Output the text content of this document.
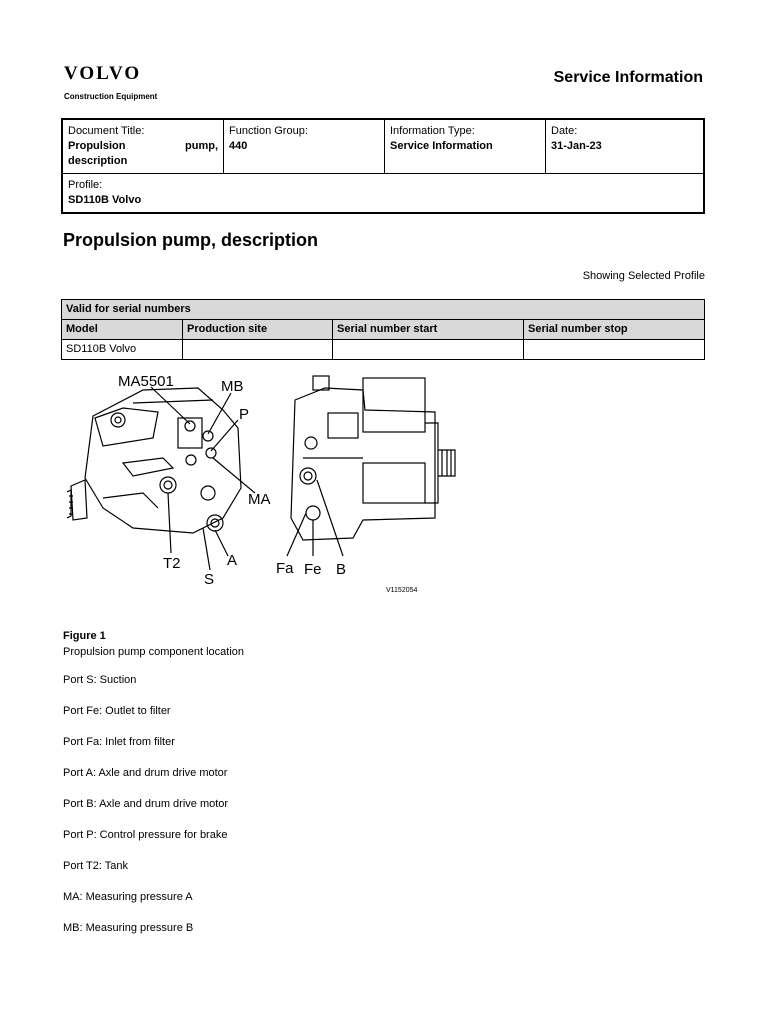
VOLVO
Construction Equipment
Service Information
Document Title:
Propulsion	pump,
description

Function Group:
440

Information Type:
Service Information

Date:
31-Jan-23

Profile:
SD110B Volvo
Propulsion pump, description
Showing Selected Profile
Valid for serial numbers			
Model	Production site	Serial number start	Serial number stop
SD110B Volvo			
MA5501	MB
P
MA
T2	A
S
Fa Fe B
V1152054
Figure 1
Propulsion pump component location
Port S: Suction
Port Fe: Outlet to filter
Port Fa: Inlet from filter
Port A: Axle and drum drive motor
Port B: Axle and drum drive motor
Port P: Control pressure for brake
Port T2: Tank
MA: Measuring pressure A
MB: Measuring pressure B
